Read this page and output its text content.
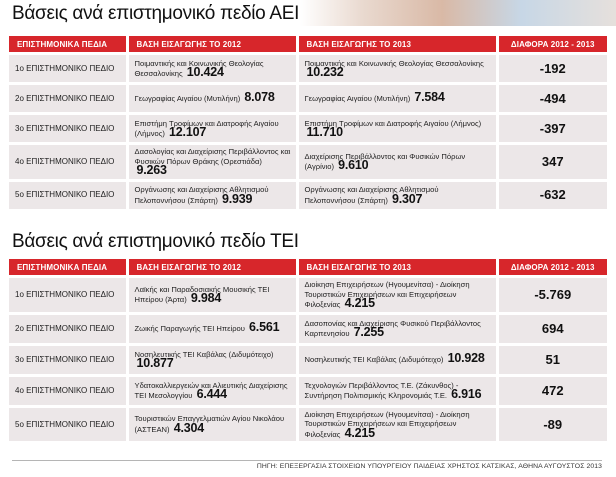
Βάσεις ανά επιστημονικό πεδίο ΑΕΙ
ΕΠΙΣΤΗΜΟΝΙΚΑ ΠΕΔΙΑ	ΒΑΣΗ ΕΙΣΑΓΩΓΗΣ ΤΟ 2012	ΒΑΣΗ ΕΙΣΑΓΩΓΗΣ ΤΟ 2013	ΔΙΑΦΟΡΑ 2012 - 2013
1ο ΕΠΙΣΤΗΜΟΝΙΚΟ ΠΕΔΙΟ	Ποιμαντικής και Κοινωνικής Θεολογίας Θεσσαλονίκης 10.424	Ποιμαντικής και Κοινωνικής Θεολογίας Θεσσαλονίκης 10.232	-192
2ο ΕΠΙΣΤΗΜΟΝΙΚΟ ΠΕΔΙΟ	Γεωγραφίας Αιγαίου (Μυτιλήνη) 8.078	Γεωγραφίας Αιγαίου (Μυτιλήνη) 7.584	-494
3ο ΕΠΙΣΤΗΜΟΝΙΚΟ ΠΕΔΙΟ	Επιστήμη Τροφίμων και Διατροφής Αιγαίου (Λήμνος) 12.107	Επιστήμη Τροφίμων και Διατροφής Αιγαίου (Λήμνος) 11.710	-397
4ο ΕΠΙΣΤΗΜΟΝΙΚΟ ΠΕΔΙΟ	Δασολογίας και Διαχείρισης Περιβάλλοντος και Φυσικών Πόρων Θράκης (Ορεστιάδα) 9.263	Διαχείρισης Περιβάλλοντος και Φυσικών Πόρων (Αγρίνιο) 9.610	347
5ο ΕΠΙΣΤΗΜΟΝΙΚΟ ΠΕΔΙΟ	Οργάνωσης και Διαχείρισης Αθλητισμού Πελοποννήσου (Σπάρτη) 9.939	Οργάνωσης και Διαχείρισης Αθλητισμού Πελοποννήσου (Σπάρτη) 9.307	-632
Βάσεις ανά επιστημονικό πεδίο ΤΕΙ
ΕΠΙΣΤΗΜΟΝΙΚΑ ΠΕΔΙΑ	ΒΑΣΗ ΕΙΣΑΓΩΓΗΣ ΤΟ 2012	ΒΑΣΗ ΕΙΣΑΓΩΓΗΣ ΤΟ 2013	ΔΙΑΦΟΡΑ 2012 - 2013
1ο ΕΠΙΣΤΗΜΟΝΙΚΟ ΠΕΔΙΟ	Λαϊκής και Παραδοσιακής Μουσικής ΤΕΙ Ηπείρου (Άρτα) 9.984	Διοίκηση Επιχειρήσεων (Ηγουμενίτσα) - Διοίκηση Τουριστικών Επιχειρήσεων και Επιχειρήσεων Φιλοξενίας 4.215	-5.769
2ο ΕΠΙΣΤΗΜΟΝΙΚΟ ΠΕΔΙΟ	Ζωικής Παραγωγής ΤΕΙ Ηπείρου 6.561	Δασοπονίας και Διαχείρισης Φυσικού Περιβάλλοντος Καρπενησίου 7.255	694
3ο ΕΠΙΣΤΗΜΟΝΙΚΟ ΠΕΔΙΟ	Νοσηλευτικής ΤΕΙ Καβάλας (Διδυμότειχο) 10.877	Νοσηλευτικής ΤΕΙ Καβάλας (Διδυμότειχο) 10.928	51
4ο ΕΠΙΣΤΗΜΟΝΙΚΟ ΠΕΔΙΟ	Υδατοκαλλιεργειών και Αλιευτικής Διαχείρισης ΤΕΙ Μεσολογγίου 6.444	Τεχνολογιών Περιβάλλοντος Τ.Ε. (Ζάκυνθος) - Συντήρηση Πολιτισμικής Κληρονομιάς Τ.Ε. 6.916	472
5ο ΕΠΙΣΤΗΜΟΝΙΚΟ ΠΕΔΙΟ	Τουριστικών Επαγγελματιών Αγίου Νικολάου (ΑΣΤΕΑΝ) 4.304	Διοίκηση Επιχειρήσεων (Ηγουμενίτσα) - Διοίκηση Τουριστικών Επιχειρήσεων και Επιχειρήσεων Φιλοξενίας 4.215	-89
ΠΗΓΗ: ΕΠΕΞΕΡΓΑΣΙΑ ΣΤΟΙΧΕΙΩΝ ΥΠΟΥΡΓΕΙΟΥ ΠΑΙΔΕΙΑΣ ΧΡΗΣΤΟΣ ΚΑΤΣΙΚΑΣ, ΑΘΗΝΑ ΑΥΓΟΥΣΤΟΣ 2013
